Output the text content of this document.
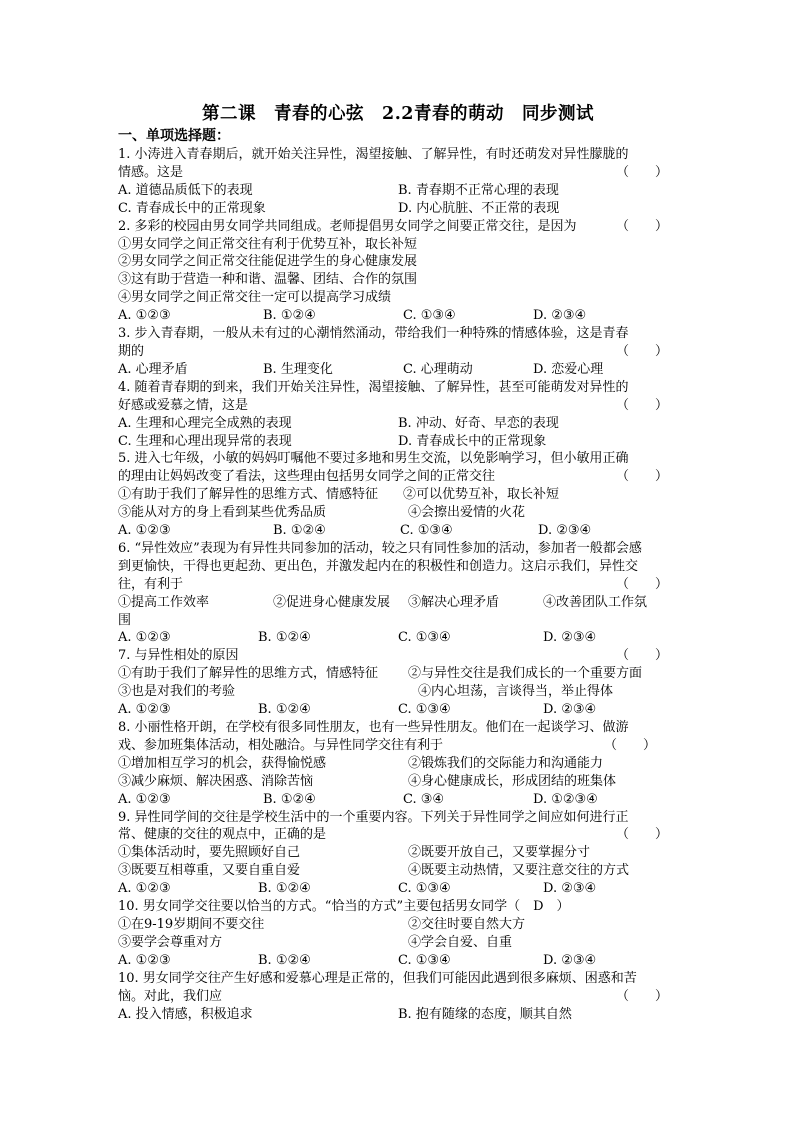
第二课　青春的心弦　2.2青春的萌动　同步测试
一、单项选择题：
1. 小涛进入青春期后，就开始关注异性，渴望接触、了解异性，有时还萌发对异性朦胧的
情感。这是	（　　）
A. 道德品质低下的表现	B. 青春期不正常心理的表现
C. 青春成长中的正常现象	D. 内心肮脏、不正常的表现
2. 多彩的校园由男女同学共同组成。老师提倡男女同学之间要正常交往，是因为	（　　）
①男女同学之间正常交往有利于优势互补，取长补短
②男女同学之间正常交往能促进学生的身心健康发展
③这有助于营造一种和谐、温馨、团结、合作的氛围
④男女同学之间正常交往一定可以提高学习成绩
A. ①②③	B. ①②④	C. ①③④	D. ②③④
3. 步入青春期，一般从未有过的心潮悄然涌动，带给我们一种特殊的情感体验，这是青春
期的	（　　）
A. 心理矛盾	B. 生理变化	C. 心理萌动	D. 恋爱心理
4. 随着青春期的到来，我们开始关注异性，渴望接触、了解异性，甚至可能萌发对异性的
好感或爱慕之情，这是	（　　）
A. 生理和心理完全成熟的表现	B. 冲动、好奇、早恋的表现
C. 生理和心理出现异常的表现	D. 青春成长中的正常现象
5. 进入七年级，小敏的妈妈叮嘱他不要过多地和男生交流，以免影响学习，但小敏用正确
的理由让妈妈改变了看法，这些理由包括男女同学之间的正常交往	（　　）
①有助于我们了解异性的思维方式、情感特征	②可以优势互补，取长补短
③能从对方的身上看到某些优秀品质	④会擦出爱情的火花
A. ①②③	B. ①②④	C. ①③④	D. ②③④
6. “异性效应”表现为有异性共同参加的活动，较之只有同性参加的活动，参加者一般都会感
到更愉快，干得也更起劲、更出色，并激发起内在的积极性和创造力。这启示我们，异性交
往，有利于	（　　）
①提高工作效率	②促进身心健康发展	③解决心理矛盾	④改善团队工作氛
围
A. ①②③	B. ①②④	C. ①③④	D. ②③④
7. 与异性相处的原因	（　　）
①有助于我们了解异性的思维方式，情感特征	②与异性交往是我们成长的一个重要方面
③也是对我们的考验	④内心坦荡，言谈得当，举止得体
A. ①②③	B. ①②④	C. ①③④	D. ②③④
8. 小丽性格开朗，在学校有很多同性朋友，也有一些异性朋友。他们在一起谈学习、做游
戏、参加班集体活动，相处融洽。与异性同学交往有利于	（　　）
①增加相互学习的机会，获得愉悦感	②锻炼我们的交际能力和沟通能力
③减少麻烦、解决困惑、消除苦恼	④身心健康成长，形成团结的班集体
A. ①②③	B. ①②④	C. ③④	D. ①②③④
9. 异性同学间的交往是学校生活中的一个重要内容。下列关于异性同学之间应如何进行正
常、健康的交往的观点中，正确的是	（　　）
①集体活动时，要先照顾好自己	②既要开放自己，又要掌握分寸
③既要互相尊重，又要自重自爱	④既要主动热情，又要注意交往的方式
A. ①②③	B. ①②④	C. ①③④	D. ②③④
10. 男女同学交往要以恰当的方式。“恰当的方式”主要包括男女同学（　D　）
①在9-19岁期间不要交往	②交往时要自然大方
③要学会尊重对方	④学会自爱、自重
A. ①②③	B. ①②④	C. ①③④	D. ②③④
10. 男女同学交往产生好感和爱慕心理是正常的，但我们可能因此遇到很多麻烦、困惑和苦
恼。对此，我们应	（　　）
A. 投入情感，积极追求	B. 抱有随缘的态度，顺其自然
